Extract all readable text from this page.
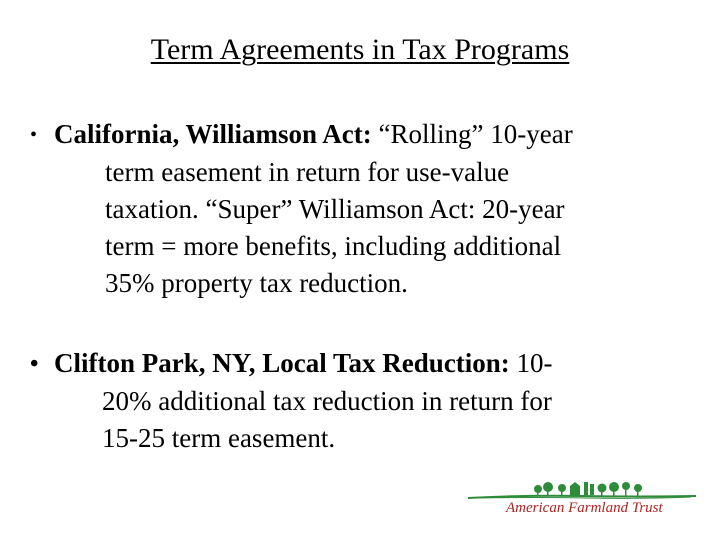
Term Agreements in Tax Programs
• California, Williamson Act: “Rolling” 10-year
term easement in return for use-value
taxation. “Super” Williamson Act: 20-year
term = more benefits, including additional
35% property tax reduction.
• Clifton Park, NY, Local Tax Reduction: 10-
20% additional tax reduction in return for
15-25 term easement.
American Farmland Trust
